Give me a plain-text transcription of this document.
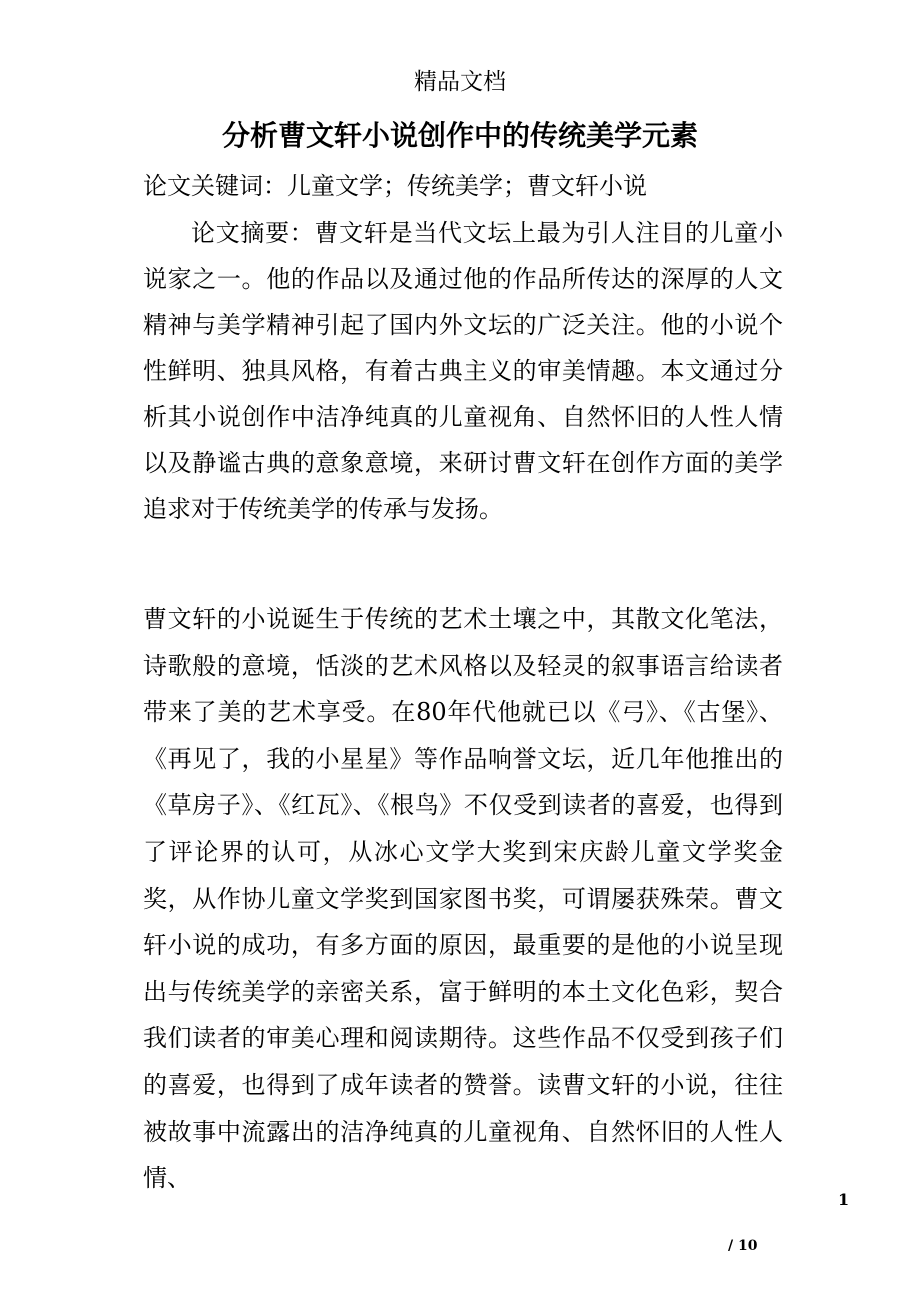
精品文档
分析曹文轩小说创作中的传统美学元素
论文关键词：儿童文学；传统美学；曹文轩小说

论文摘要：曹文轩是当代文坛上最为引人注目的儿童小说家之一。他的作品以及通过他的作品所传达的深厚的人文精神与美学精神引起了国内外文坛的广泛关注。他的小说个性鲜明、独具风格，有着古典主义的审美情趣。本文通过分析其小说创作中洁净纯真的儿童视角、自然怀旧的人性人情以及静谧古典的意象意境，来研讨曹文轩在创作方面的美学追求对于传统美学的传承与发扬。

曹文轩的小说诞生于传统的艺术土壤之中，其散文化笔法，诗歌般的意境，恬淡的艺术风格以及轻灵的叙事语言给读者带来了美的艺术享受。在80年代他就已以《弓》、《古堡》、《再见了，我的小星星》等作品响誉文坛，近几年他推出的《草房子》、《红瓦》、《根鸟》不仅受到读者的喜爱，也得到了评论界的认可，从冰心文学大奖到宋庆龄儿童文学奖金奖，从作协儿童文学奖到国家图书奖，可谓屡获殊荣。曹文轩小说的成功，有多方面的原因，最重要的是他的小说呈现出与传统美学的亲密关系，富于鲜明的本土文化色彩，契合我们读者的审美心理和阅读期待。这些作品不仅受到孩子们的喜爱，也得到了成年读者的赞誉。读曹文轩的小说，往往被故事中流露出的洁净纯真的儿童视角、自然怀旧的人性人情、

1
/ 10
